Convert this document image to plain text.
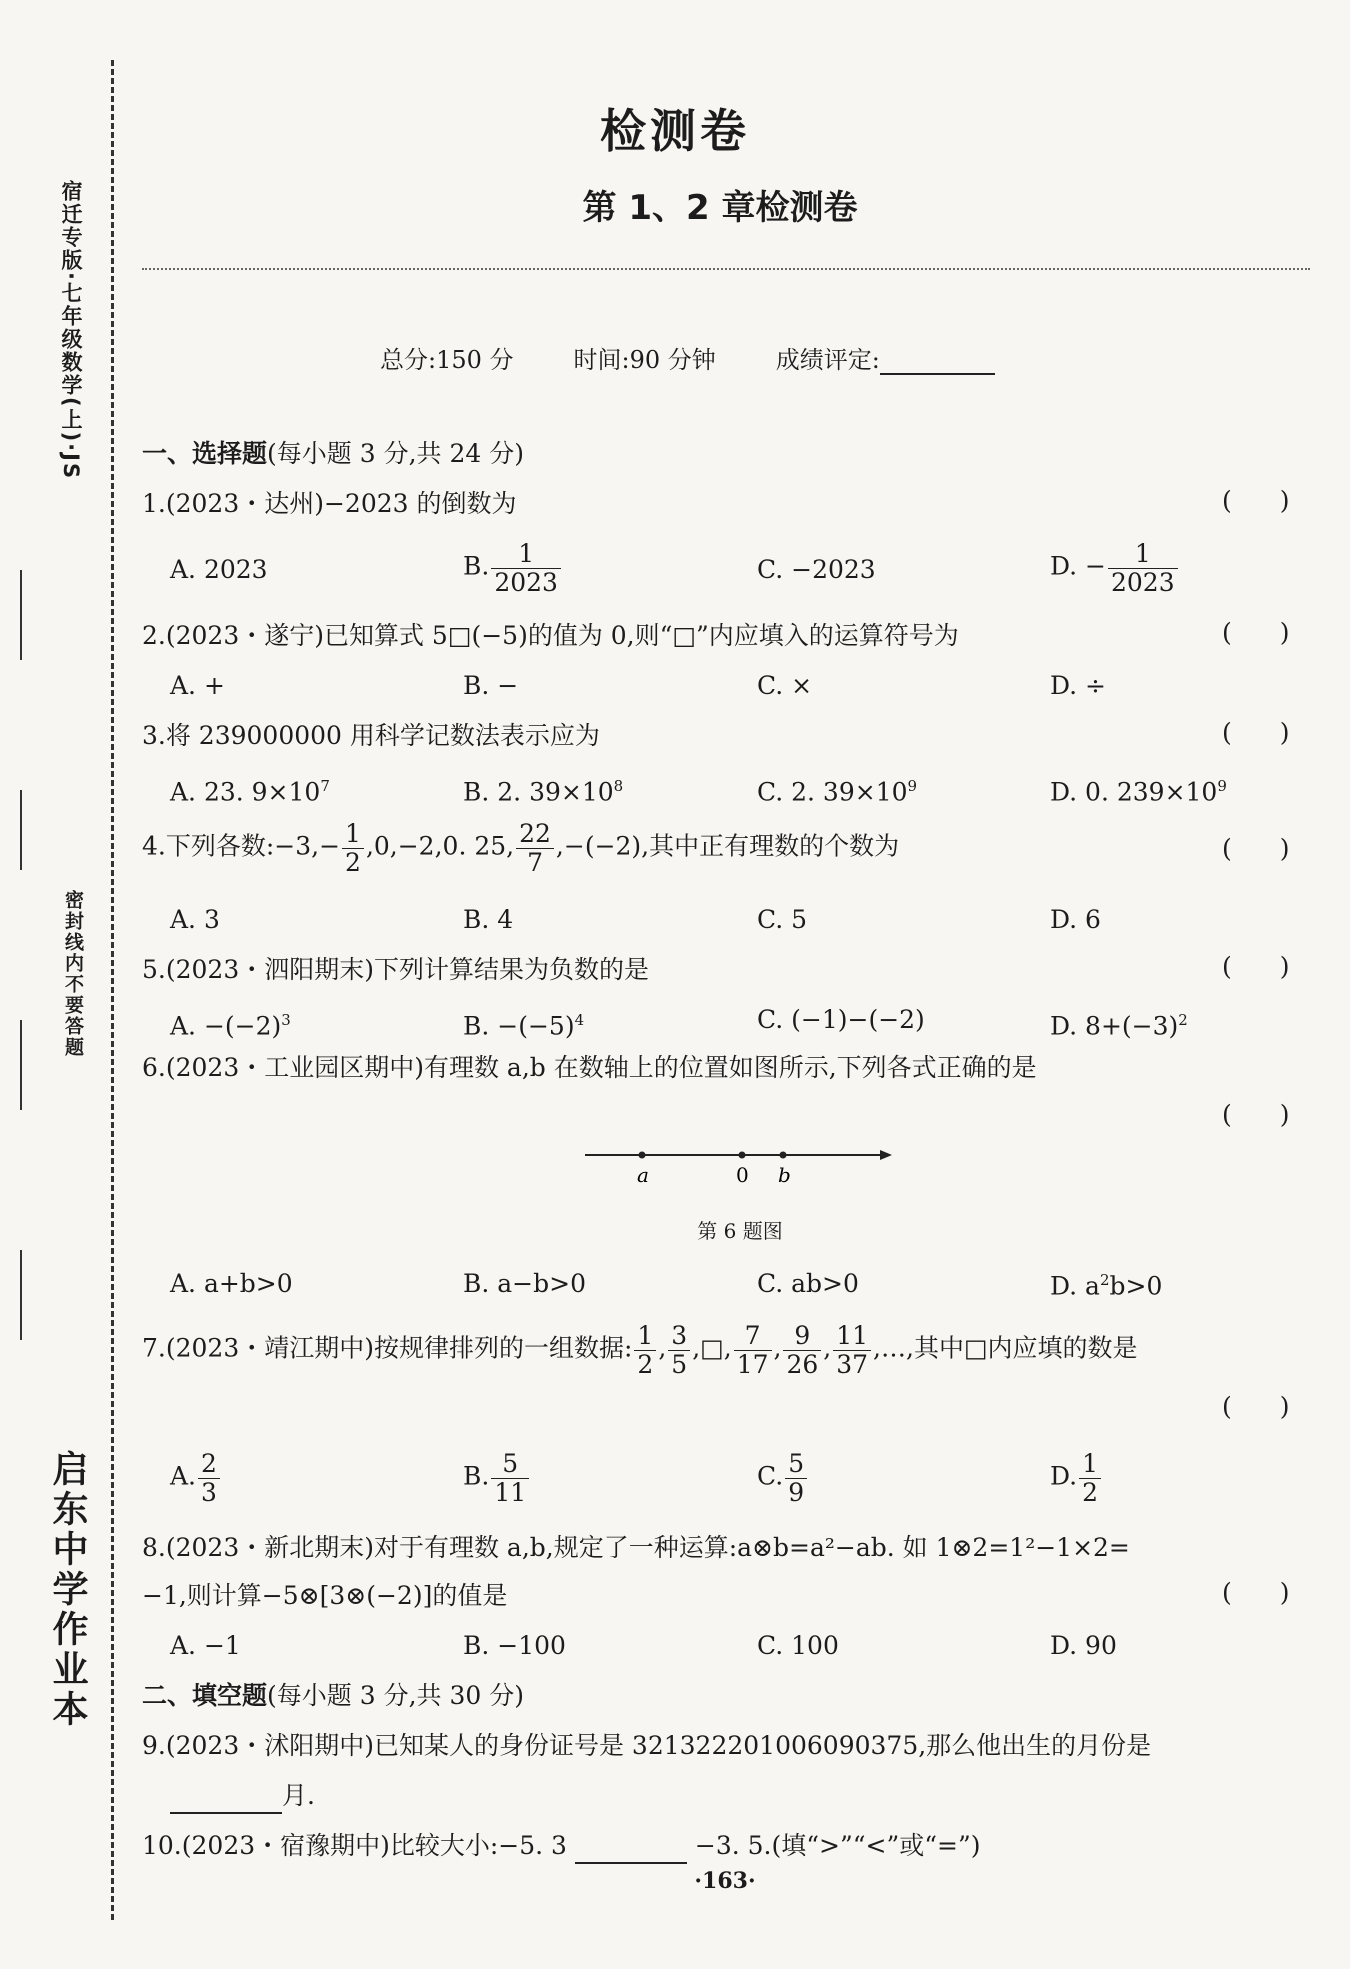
宿迁专版·七年级数学(上)·JS
密封线内不要答题
启东中学作业本
检测卷
第 1、2 章检测卷
总分:150 分	时间:90 分钟	成绩评定:
一、选择题(每小题 3 分,共 24 分)
1.(2023・达州)−2023 的倒数为	( )
A. 2023	B. $\frac{1}{2023}$	C. −2023	D. − $\frac{1}{2023}$
2.(2023・遂宁)已知算式 5□(−5)的值为 0,则“□”内应填入的运算符号为	( )
A. +	B. −	C. ×	D. ÷
3.将 239000000 用科学记数法表示应为	( )
A. 23. $9\times 10^7$	B. 2. $39\times 10^8$	C. 2. $39\times 10^9$	D. 0. $239\times 10^9$
4.下列各数:−3,− $\frac{1}{2} ,0,-2,0$. 25, $\frac{22}{7} ,-(-2)$,其中正有理数的个数为	( )
A. 3	B. 4	C. 5	D. 6
5.(2023・泗阳期末)下列计算结果为负数的是	( )
A. $-(-2)^3$	B. $-(-5)^4$	C. (−1)−(−2)	D. $8+(-3)^2$
6.(2023・工业园区期中)有理数 a,b 在数轴上的位置如图所示,下列各式正确的是
( )
a	0 b
第 6 题图
A. a+b>0	B. a−b>0	C. ab>0	D. $a^2b>0$
7.(2023・靖江期中)按规律排列的一组数据: $\frac{1}{2}$ , $\frac{3}{5}$ ,□, $\frac{7}{17}$ , $\frac{9}{26}$ , $\frac{11}{37}$ ,…,其中□内应填的数是
( )
A. $\frac{2}{3}$	B. $\frac{5}{11}$	C. $\frac{5}{9}$	D. $\frac{1}{2}$
8.(2023・新北期末)对于有理数 a,b,规定了一种运算:a⊗b=a²−ab. 如 1⊗2=1²−1×2=
−1,则计算−5⊗[3⊗(−2)]的值是	( )
A. −1	B. −100	C. 100	D. 90
二、填空题(每小题 3 分,共 30 分)
9.(2023・沭阳期中)已知某人的身份证号是 321322201006090375,那么他出生的月份是
月.
10.(2023・宿豫期中)比较大小:−5. 3	−3. 5.(填“>”“<”或“=”)
·163·
